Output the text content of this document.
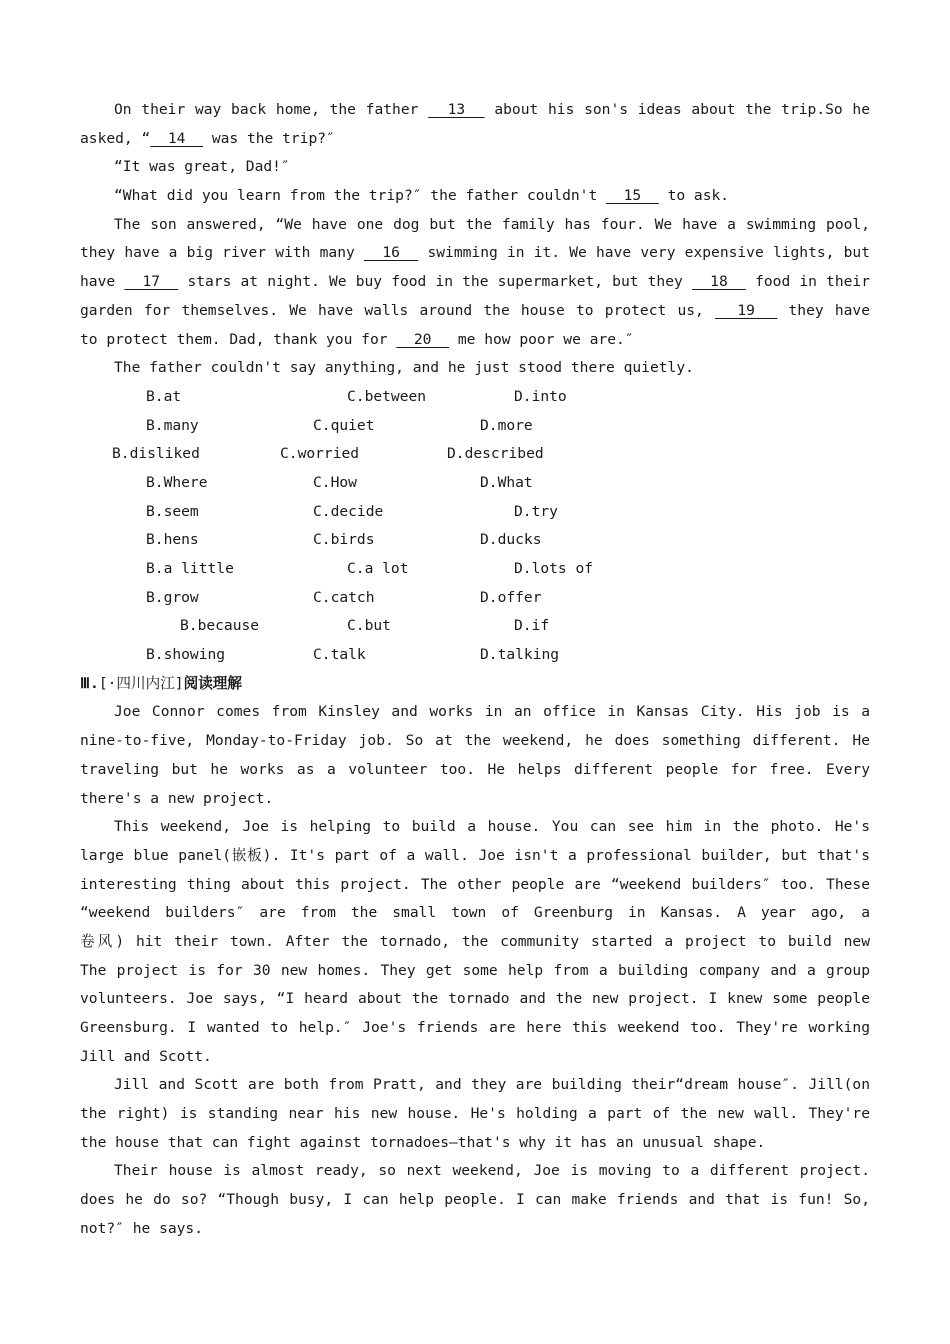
On their way back home, the father   13   about his son's ideas about the trip.So he
asked, “  14   was the trip?″
“It was great, Dad!″
“What did you learn from the trip?″ the father couldn't   15   to ask.
The son answered, “We have one dog but the family has four. We have a swimming pool,
they have a big river with many   16   swimming in it. We have very expensive lights, but
have   17   stars at night. We buy food in the supermarket, but they   18   food in their
garden for themselves. We have walls around the house to protect us,   19   they have
to protect them. Dad, thank you for   20   me how poor we are.″
The father couldn't say anything, and he just stood there quietly.

B.at

	C.between

	D.into

B.many

	C.quiet

	D.more

B.disliked

	C.worried

	D.described

B.Where

	C.How

	D.What

B.seem

	C.decide

	D.try

B.hens

	C.birds

	D.ducks

B.a little

	C.a lot

	D.lots of

B.grow

	C.catch

	D.offer

B.because

	C.but

	D.if

B.showing

	C.talk

	D.talking

Ⅲ.[·四川内江]阅读理解
Joe Connor comes from Kinsley and works in an office in Kansas City. His job is a
nine-to-five, Monday-to-Friday job. So at the weekend, he does something different. He
traveling but he works as a volunteer too. He helps different people for free. Every
there's a new project.
This weekend, Joe is helping to build a house. You can see him in the photo. He's
large blue panel(嵌板). It's part of a wall. Joe isn't a professional builder, but that's
interesting thing about this project. The other people are “weekend builders″ too. These
“weekend builders″ are from the small town of Greenburg in Kansas. A year ago, a
卷风) hit their town. After the tornado, the community started a project to build new
The project is for 30 new homes. They get some help from a building company and a group
volunteers. Joe says, “I heard about the tornado and the new project. I knew some people
Greensburg. I wanted to help.″ Joe's friends are here this weekend too. They're working
Jill and Scott.
Jill and Scott are both from Pratt, and they are building their“dream house″. Jill(on
the right) is standing near his new house. He's holding a part of the new wall. They're
the house that can fight against tornadoes—that's why it has an unusual shape.
Their house is almost ready, so next weekend, Joe is moving to a different project.
does he do so? “Though busy, I can help people. I can make friends and that is fun! So,
not?″ he says.
